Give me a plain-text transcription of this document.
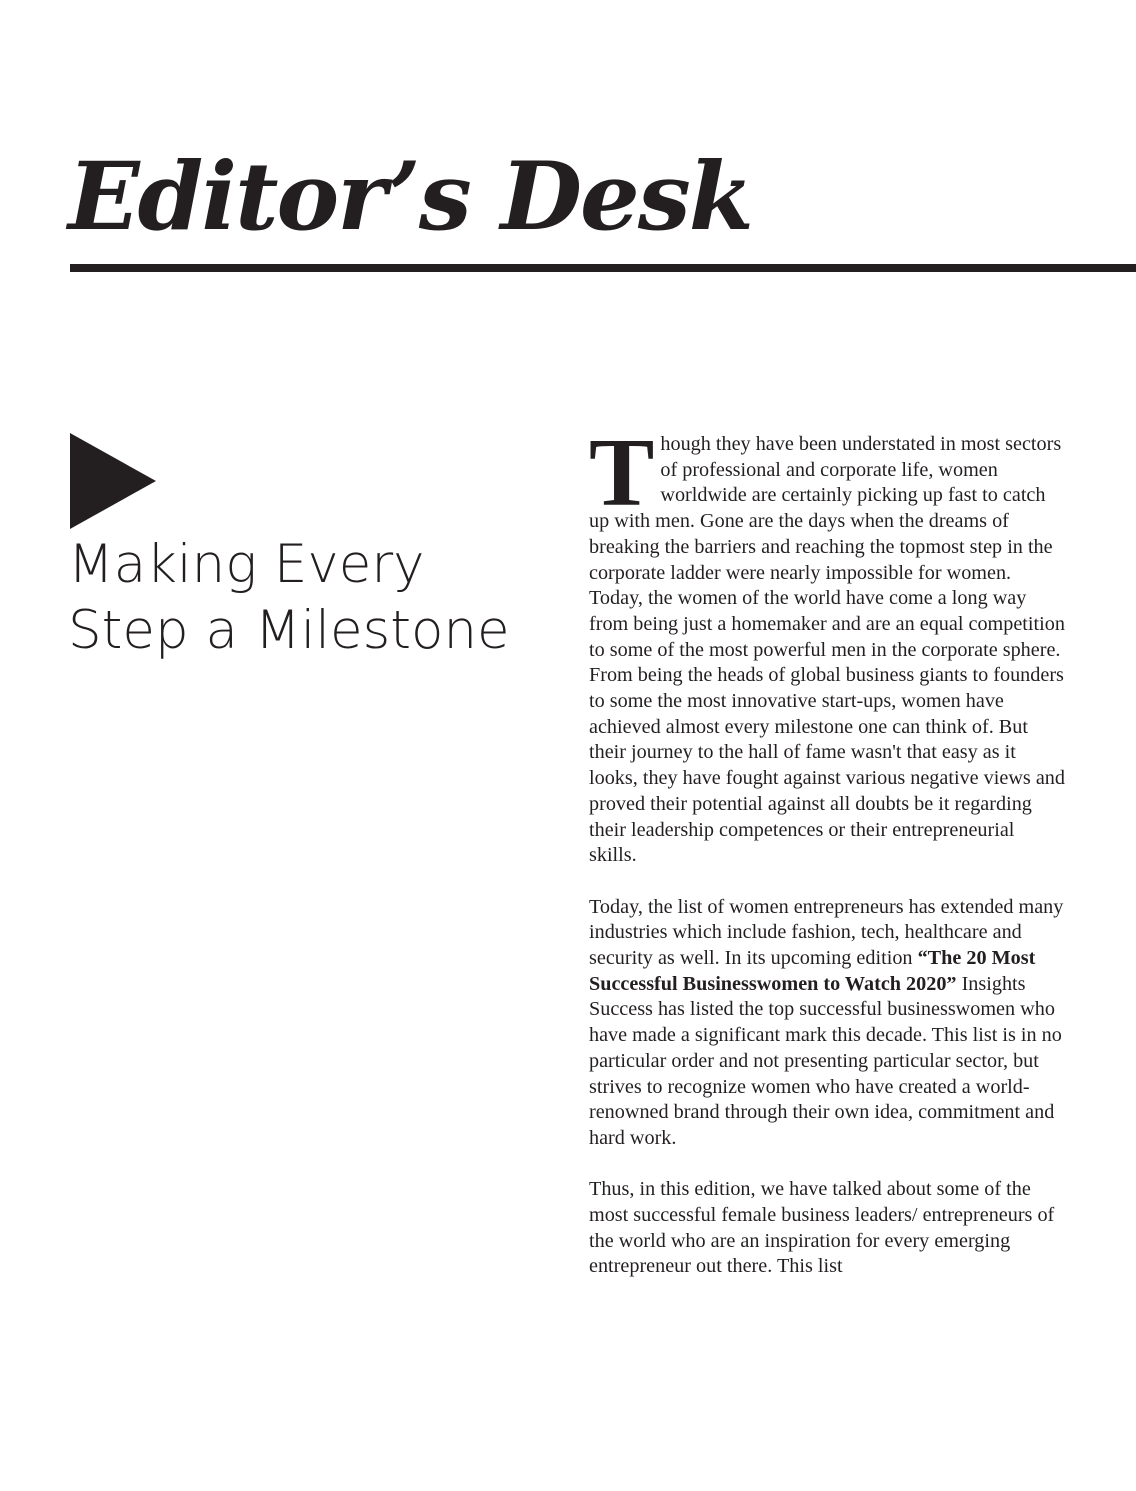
Editor’s Desk
Making Every
Step a Milestone

Though they have been understated in most sectors of professional and corporate life, women worldwide are certainly picking up fast to catch up with men. Gone are the days when the dreams of breaking the barriers and reaching the topmost step in the corporate ladder were nearly impossible for women. Today, the women of the world have come a long way from being just a homemaker and are an equal competition to some of the most powerful men in the corporate sphere. From being the heads of global business giants to founders to some the most innovative start-ups, women have achieved almost every milestone one can think of. But their journey to the hall of fame wasn't that easy as it looks, they have fought against various negative views and proved their potential against all doubts be it regarding their leadership competences or their entrepreneurial skills.

Today, the list of women entrepreneurs has extended many industries which include fashion, tech, healthcare and security as well. In its upcoming edition “The 20 Most Successful Businesswomen to Watch 2020” Insights Success has listed the top successful businesswomen who have made a significant mark this decade. This list is in no particular order and not presenting particular sector, but strives to recognize women who have created a world-renowned brand through their own idea, commitment and hard work.

Thus, in this edition, we have talked about some of the most successful female business leaders/ entrepreneurs of the world who are an inspiration for every emerging entrepreneur out there. This list
